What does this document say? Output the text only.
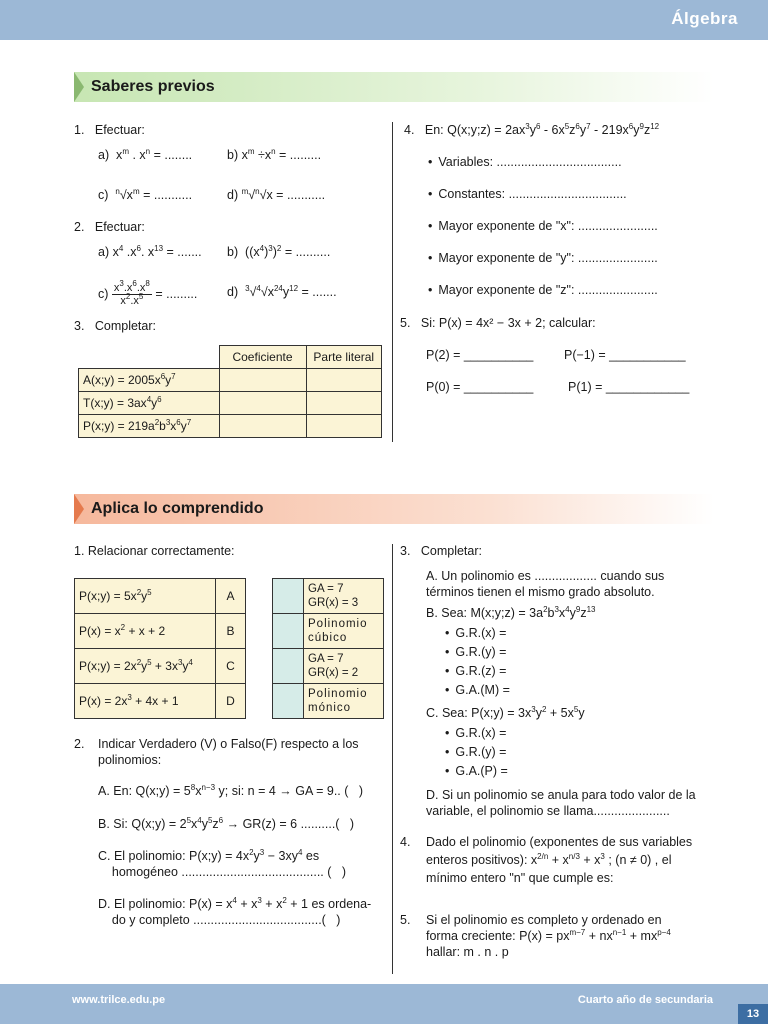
Álgebra
Saberes previos
1. Efectuar:
a)  $x^m$ . $x^n$ = ........	b) $x^m \div x^n$ = .........
c)  $^n√x^m$ = ...........	d) $^m$√$^n$√x = ...........
2. Efectuar:
a) $x^4$ $.x^6$. $x^{13}$ = ....... b)  $((x^4)^3)^2$ = ..........
$c) \frac{x^3.x^6.x^8}{x^2.x^5}$ = ......... d)  $^3√^4√x^{24}y^{12}$ = .......
3. Completar:
	Coeficiente	Parte literal
A(x;y) = $2005x^6y^7$		
T(x;y) = $3ax^4y^6$		
P(x;y) = $219a^2b^3x^6y^7$		
4.   En: Q(x;y;z) = $2ax^3y^6 - 6x^5z^6y^7 - 219x^6y^9z^{12}$
• Variables: ....................................
• Constantes: ..................................
• Mayor exponente de "x": .......................
• Mayor exponente de "y": .......................
• Mayor exponente de "z": .......................
5. Si: P(x) = 4x² − 3x + 2; calcular:
P(2) = __________ P(−1) = ___________
P(0) = __________	P(1) = ____________
Aplica lo comprendido
1. Relacionar correctamente:
P(x;y) = $5x^2y^5$	A
$P(x) = x^2 + x + 2$	B
P(x;y) = $2x^2y^5 + 3x^3y^4$	C
$P(x) = 2x^3 + 4x + 1$	D
	GA = 7
GR(x) = 3
	Polinomio cúbico
	GA = 7
GR(x) = 2
	Polinomio mónico
2.	Indicar Verdadero (V) o Falso(F) respecto a los polinomios:
A. En: Q(x;y) = $5^8x^{n-3}$ y; si: n = 4 → GA = 9.. (   )
B. Si: Q(x;y) = $2^5x^4y^5z^6 \to GR(z) = 6$ ..........(   )
C. El polinomio: P(x;y) = $4x^2y^3 - 3xy^4$ es
homogéneo ......................................... (   )
D. El polinomio: $P(x) = x^4 + x^3 + x^2 + 1$ es ordena-
do y completo .....................................(   )
3. Completar:
A. Un polinomio es .................. cuando sus términos tienen el mismo grado absoluto.
B. Sea: M(x;y;z) = $3a^2b^3x^4y^9z^{13}$
• G.R.(x) =
• G.R.(y) =
• G.R.(z) =
• G.A.(M) =
C. Sea: P(x;y) = $3x^3y^2 + 5x^5y$
• G.R.(x) =
• G.R.(y) =
• G.A.(P) =
D. Si un polinomio se anula para todo valor de la variable, el polinomio se llama......................
4.	Dado el polinomio (exponentes de sus variables
enteros positivos): $x^{2/n} + x^{n/3} + x^3$ ; (n ≠ 0) , el
mínimo entero "n" que cumple es:
5.	Si el polinomio es completo y ordenado en
forma creciente: $P(x) = px^{m-7} + nx^{n-1} + mx^{p-4}$
hallar: m . n . p
www.trilce.edu.pe	Cuarto año de secundaria
13
